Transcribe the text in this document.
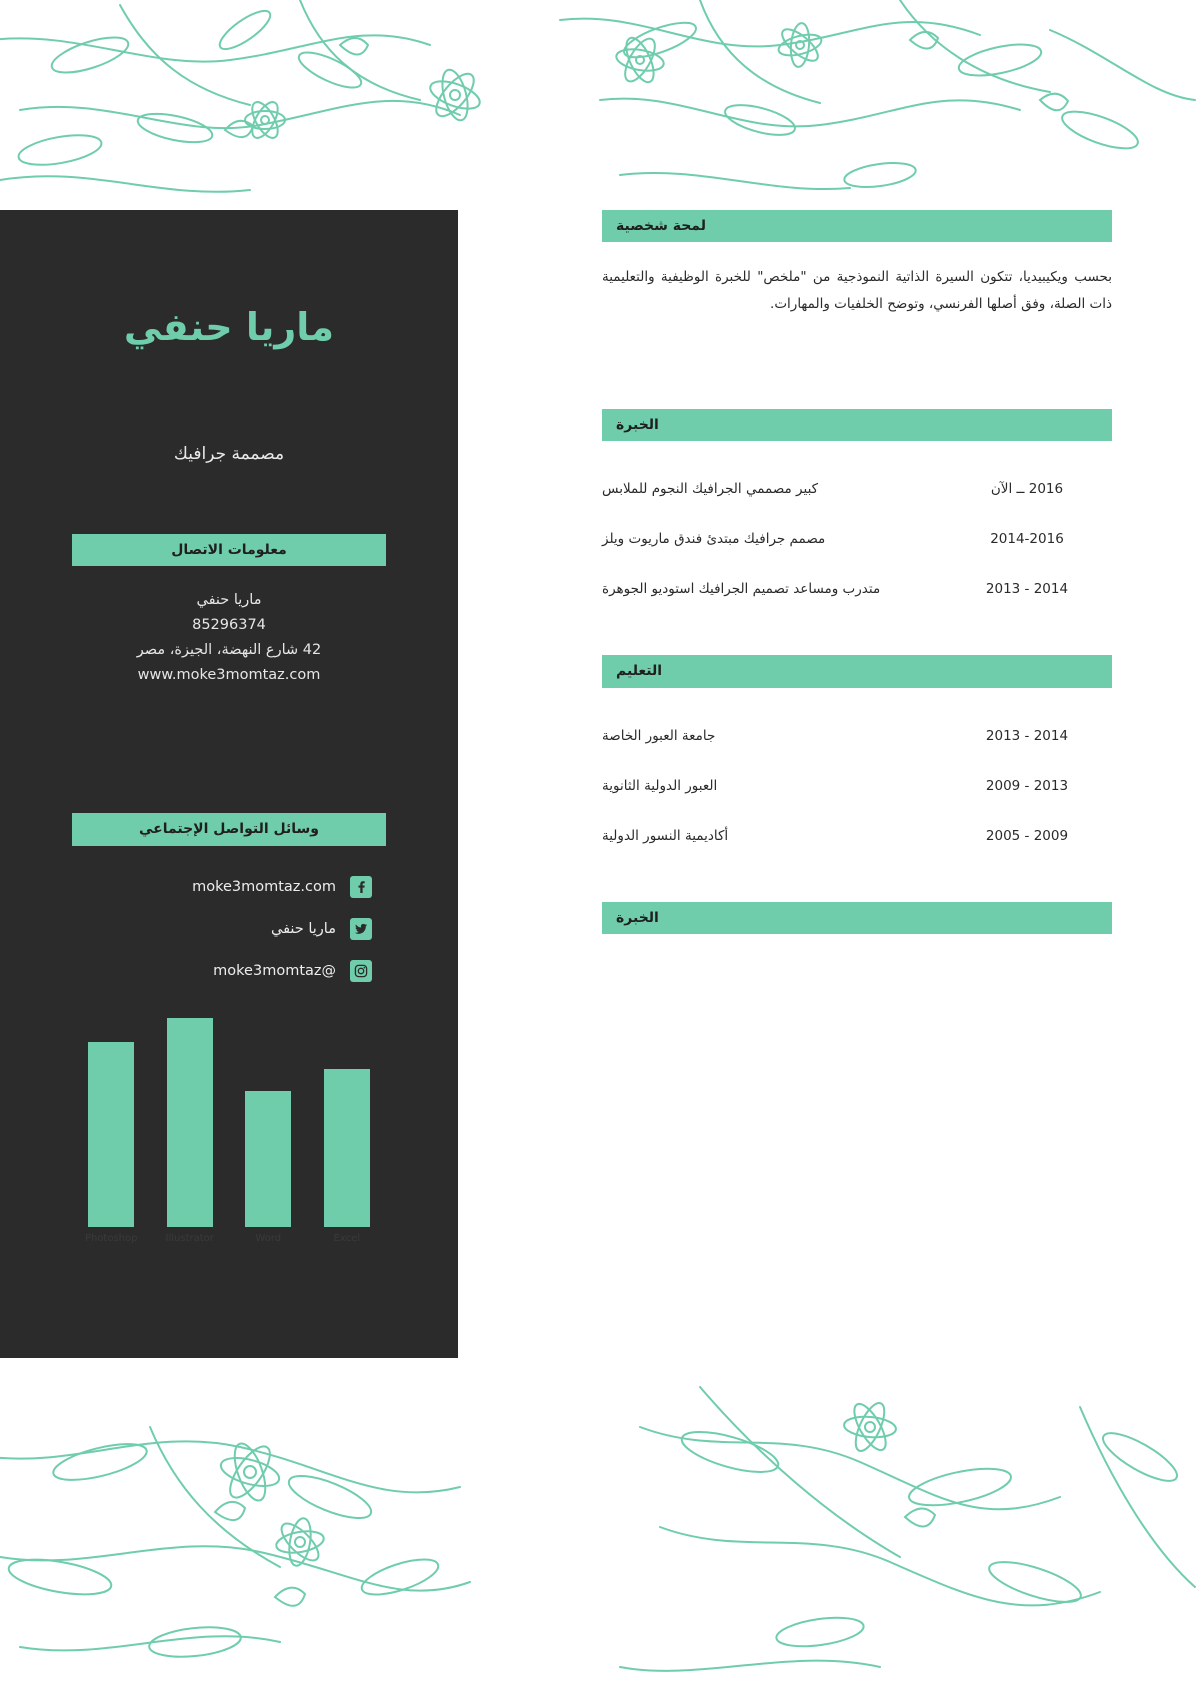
ماريا حنفي
مصممة جرافيك
معلومات الاتصال
ماريا حنفي
85296374
42 شارع النهضة، الجيزة، مصر
www.moke3momtaz.com
وسائل التواصل الإجتماعي
moke3momtaz.com
ماريا حنفي
moke3momtaz@
Photoshop	Illustrator	Word	Excel
لمحة شخصية
بحسب ويكيبيديا، تتكون السيرة الذاتية النموذجية من "ملخص" للخبرة الوظيفية والتعليمية ذات الصلة، وفق أصلها الفرنسي، وتوضح الخلفيات والمهارات.
الخبرة
2016 ــ الآن
كبير مصممي الجرافيك النجوم للملابس
2014-2016
مصمم جرافيك مبتدئ فندق ماريوت ويلز
2013 - 2014
متدرب ومساعد تصميم الجرافيك استوديو الجوهرة
التعليم
2013 - 2014
جامعة العبور الخاصة
2009 - 2013
العبور الدولية الثانوية
2005 - 2009
أكاديمية النسور الدولية
الخبرة
